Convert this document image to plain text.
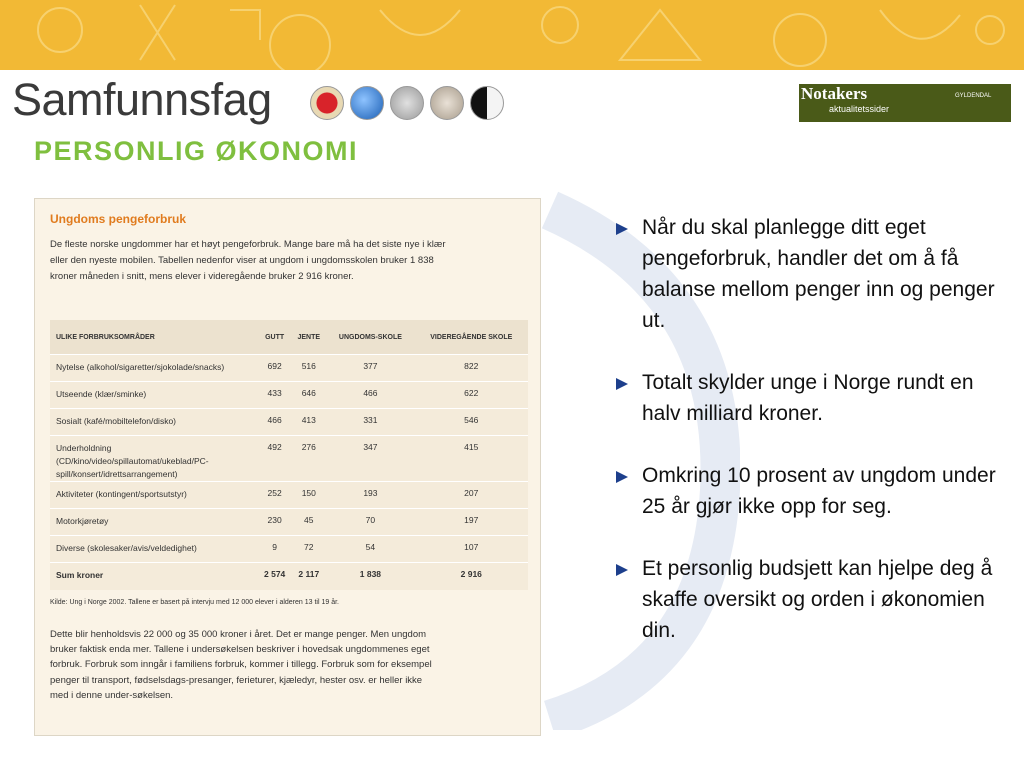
Samfunnsfag
PERSONLIG ØKONOMI
Notakers
aktualitetssider
GYLDENDAL
Ungdoms pengeforbruk
De fleste norske ungdommer har et høyt pengeforbruk. Mange bare må ha det siste nye i klær eller den nyeste mobilen. Tabellen nedenfor viser at ungdom i ungdomsskolen bruker 1 838 kroner måneden i snitt, mens elever i videregående bruker 2 916 kroner.
ULIKE FORBRUKSOMRÅDER	GUTT	JENTE	UNGDOMS-SKOLE	VIDEREGÅENDE SKOLE
Nytelse (alkohol/sigaretter/sjokolade/snacks)	692	516	377	822
Utseende (klær/sminke)	433	646	466	622
Sosialt (kafé/mobiltelefon/disko)	466	413	331	546
Underholdning (CD/kino/video/spillautomat/ukeblad/PC-spill/konsert/idrettsarrangement)	492	276	347	415
Aktiviteter (kontingent/sportsutstyr)	252	150	193	207
Motorkjøretøy	230	45	70	197
Diverse (skolesaker/avis/veldedighet)	9	72	54	107
Sum kroner	2 574	2 117	1 838	2 916
Kilde: Ung i Norge 2002. Tallene er basert på intervju med 12 000 elever i alderen 13 til 19 år.
Dette blir henholdsvis 22 000 og 35 000 kroner i året. Det er mange penger. Men ungdom bruker faktisk enda mer. Tallene i undersøkelsen beskriver i hovedsak ungdommenes eget forbruk. Forbruk som inngår i familiens forbruk, kommer i tillegg. Forbruk som for eksempel penger til transport, fødselsdags-presanger, ferieturer, kjæledyr, hester osv. er heller ikke med i denne under-søkelsen.
Når du skal planlegge ditt eget pengeforbruk, handler det om å få balanse mellom penger inn og penger ut.
Totalt skylder unge i Norge rundt en halv milliard kroner.
Omkring 10 prosent av ungdom under 25 år gjør ikke opp for seg.
Et personlig budsjett kan hjelpe deg å skaffe oversikt og orden i økonomien din.
